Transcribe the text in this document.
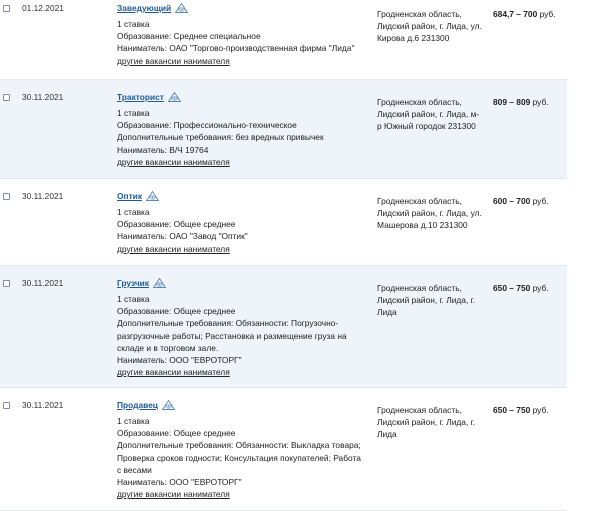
01.12.2021	Заведующий
1 ставка
Образование: Среднее специальное
Наниматель: ОАО "Торгово-производственная фирма "Лида"
другие вакансии нанимателя
Гродненская область, Лидский район, г. Лида, ул. Кирова д.6 231300
684,7 – 700 руб.
30.11.2021	Тракторист
1 ставка
Образование: Профессионально-техническое
Дополнительные требования: без вредных привычек
Наниматель: В/Ч 19764
другие вакансии нанимателя
Гродненская область, Лидский район, г. Лида, м-р Южный городок 231300
809 – 809 руб.
30.11.2021	Оптик
1 ставка
Образование: Общее среднее
Наниматель: ОАО "Завод "Оптик"
другие вакансии нанимателя
Гродненская область, Лидский район, г. Лида, ул. Машерова д.10 231300
600 – 700 руб.
30.11.2021	Грузчик
1 ставка
Образование: Общее среднее
Дополнительные требования: Обязанности: Погрузочно-разгрузочные работы; Расстановка и размещение груза на складе и в торговом зале.
Наниматель: ООО "ЕВРОТОРГ"
другие вакансии нанимателя
Гродненская область, Лидский район, г. Лида, г. Лида
650 – 750 руб.
30.11.2021	Продавец
1 ставка
Образование: Общее среднее
Дополнительные требования: Обязанности: Выкладка товара; Проверка сроков годности; Консультация покупателей; Работа с весами
Наниматель: ООО "ЕВРОТОРГ"
другие вакансии нанимателя
Гродненская область, Лидский район, г. Лида, г. Лида
650 – 750 руб.
